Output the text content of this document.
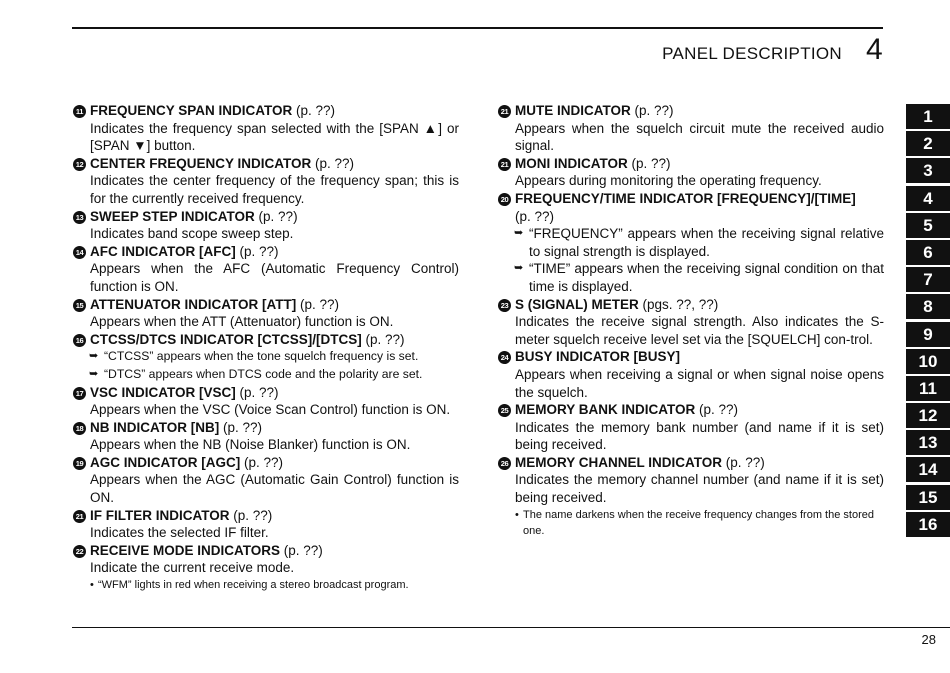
PANEL DESCRIPTION 4
11 FREQUENCY SPAN INDICATOR (p. ??)
Indicates the frequency span selected with the [SPAN ▲] or [SPAN ▼] button.
12 CENTER FREQUENCY INDICATOR (p. ??)
Indicates the center frequency of the frequency span; this is for the currently received frequency.
13 SWEEP STEP INDICATOR (p. ??)
Indicates band scope sweep step.
14 AFC INDICATOR [AFC] (p. ??)
Appears when the AFC (Automatic Frequency Control) function is ON.
15 ATTENUATOR INDICATOR [ATT] (p. ??)
Appears when the ATT (Attenuator) function is ON.
16 CTCSS/DTCS INDICATOR [CTCSS]/[DTCS] (p. ??)
➥ “CTCSS” appears when the tone squelch frequency is set.
➥ “DTCS” appears when DTCS code and the polarity are set.
17 VSC INDICATOR [VSC] (p. ??)
Appears when the VSC (Voice Scan Control) function is ON.
18 NB INDICATOR [NB] (p. ??)
Appears when the NB (Noise Blanker) function is ON.
19 AGC INDICATOR [AGC] (p. ??)
Appears when the AGC (Automatic Gain Control) function is ON.
21 IF FILTER INDICATOR (p. ??)
Indicates the selected IF filter.
22 RECEIVE MODE INDICATORS (p. ??)
Indicate the current receive mode.
• “WFM” lights in red when receiving a stereo broadcast program.
21 MUTE INDICATOR (p. ??)
Appears when the squelch circuit mute the received audio signal.
21 MONI INDICATOR (p. ??)
Appears during monitoring the operating frequency.
20 FREQUENCY/TIME INDICATOR [FREQUENCY]/[TIME]
(p. ??)
➥ “FREQUENCY” appears when the receiving signal relative to signal strength is displayed.
➥ “TIME” appears when the receiving signal condition on that time is displayed.
23 S (SIGNAL) METER (pgs. ??, ??)
Indicates the receive signal strength. Also indicates the S-meter squelch receive level set via the [SQUELCH] con-trol.
24 BUSY INDICATOR [BUSY]
Appears when receiving a signal or when signal noise opens the squelch.
25 MEMORY BANK INDICATOR (p. ??)
Indicates the memory bank number (and name if it is set) being received.
26 MEMORY CHANNEL INDICATOR (p. ??)
Indicates the memory channel number (and name if it is set) being received.
• The name darkens when the receive frequency changes from the stored one.
1
2
3
4
5
6
7
8
9
10
11
12
13
14
15
16
28
